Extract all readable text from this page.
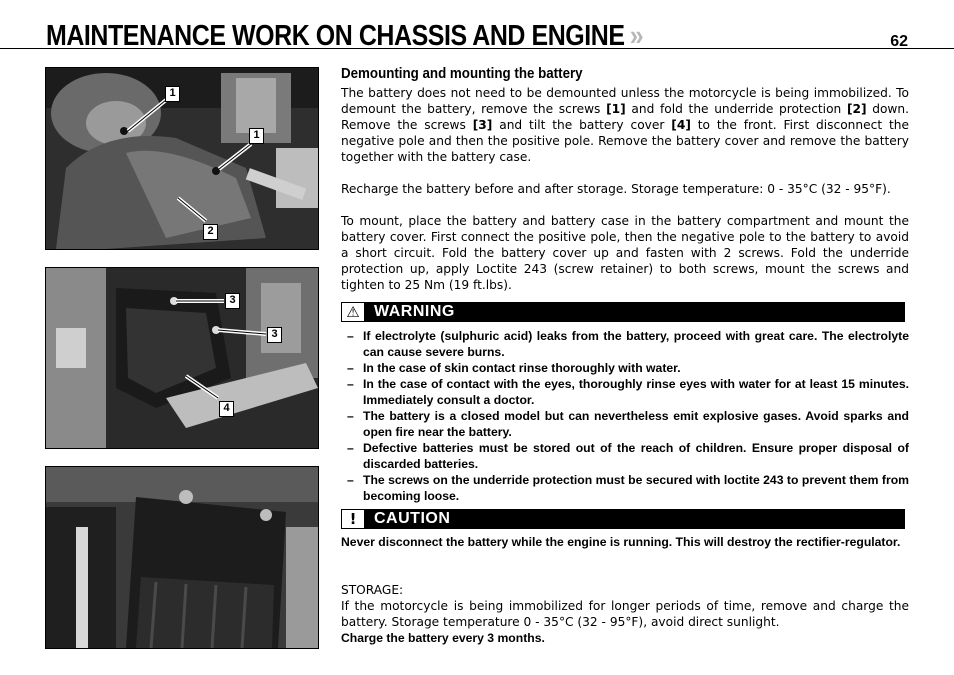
MAINTENANCE WORK ON CHASSIS AND ENGINE »	62
1
1
2
3
3
4
Demounting and mounting the battery

The battery does not need to be demounted unless the motorcycle is being immobilized. To demount the battery, remove the screws [1] and fold the underride protection [2] down. Remove the screws [3] and tilt the battery cover [4] to the front. First disconnect the negative pole and then the positive pole. Remove the battery cover and remove the battery together with the battery case.

Recharge the battery before and after storage. Storage temperature: 0 - 35°C (32 - 95°F).

To mount, place the battery and battery case in the battery compartment and mount the battery cover. First connect the positive pole, then the negative pole to the battery to avoid a short circuit. Fold the battery cover up and fasten with 2 screws. Fold the underride protection up, apply Loctite 243 (screw retainer) to both screws, mount the screws and tighten to 25 Nm (19 ft.lbs).

⚠ WARNING
– If electrolyte (sulphuric acid) leaks from the battery, proceed with great care. The electrolyte can cause severe burns.
– In the case of skin contact rinse thoroughly with water.
– In the case of contact with the eyes, thoroughly rinse eyes with water for at least 15 minutes. Immediately consult a doctor.
– The battery is a closed model but can nevertheless emit explosive gases. Avoid sparks and open fire near the battery.
– Defective batteries must be stored out of the reach of children. Ensure proper disposal of discarded batteries.
– The screws on the underride protection must be secured with loctite 243 to prevent them from becoming loose.
!	CAUTION

Never disconnect the battery while the engine is running. This will destroy the rectifier-regulator.

STORAGE:

If the motorcycle is being immobilized for longer periods of time, remove and charge the battery. Storage temperature 0 - 35°C (32 - 95°F), avoid direct sunlight.

Charge the battery every 3 months.
